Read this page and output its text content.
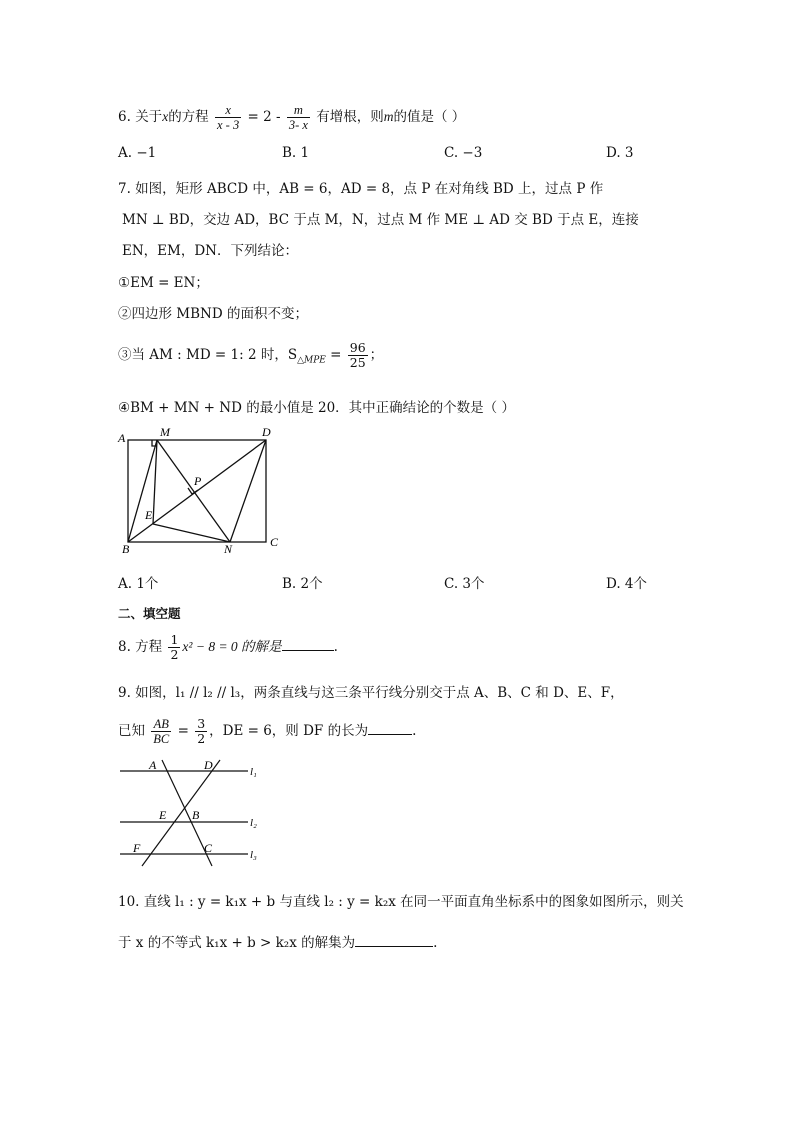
6. 关于x的方程 $\frac{x}{x - 3} = 2 - \frac{m}{3- x}$ 有增根，则m的值是（ ）
A. −1	B. 1	C. −3	D. 3
7. 如图，矩形 ABCD 中，AB = 6，AD = 8，点 P 在对角线 BD 上，过点 P 作
MN ⊥ BD，交边 AD，BC 于点 M，N，过点 M 作 ME ⊥ AD 交 BD 于点 E，连接
EN，EM，DN．下列结论：
①EM = EN；
②四边形 MBND 的面积不变；
③当 AM : MD = 1: 2 时，$S_{\triangle MPE} = \frac{96}{25}$ ；
④BM + MN + ND 的最小值是 20．其中正确结论的个数是（ ）
A	M	D
P
E
B	N	C
A. 1个	B. 2个	C. 3个	D. 4个
二、填空题
8. 方程 $\frac{1}{2} x^2 - 8 = 0$ 的解是	.
9. 如图，l₁ // l₂ // l₃，两条直线与这三条平行线分别交于点 A、B、C 和 D、E、F，
已知 $\frac{AB}{BC} = \frac{3}{2}$ ，DE = 6，则 DF 的长为	.
A	D	l₁
E B
l₂
F	C	l₃
10. 直线 l₁ : y = k₁x + b 与直线 l₂ : y = k₂x 在同一平面直角坐标系中的图象如图所示，则关
于 x 的不等式 k₁x + b > k₂x 的解集为	.
